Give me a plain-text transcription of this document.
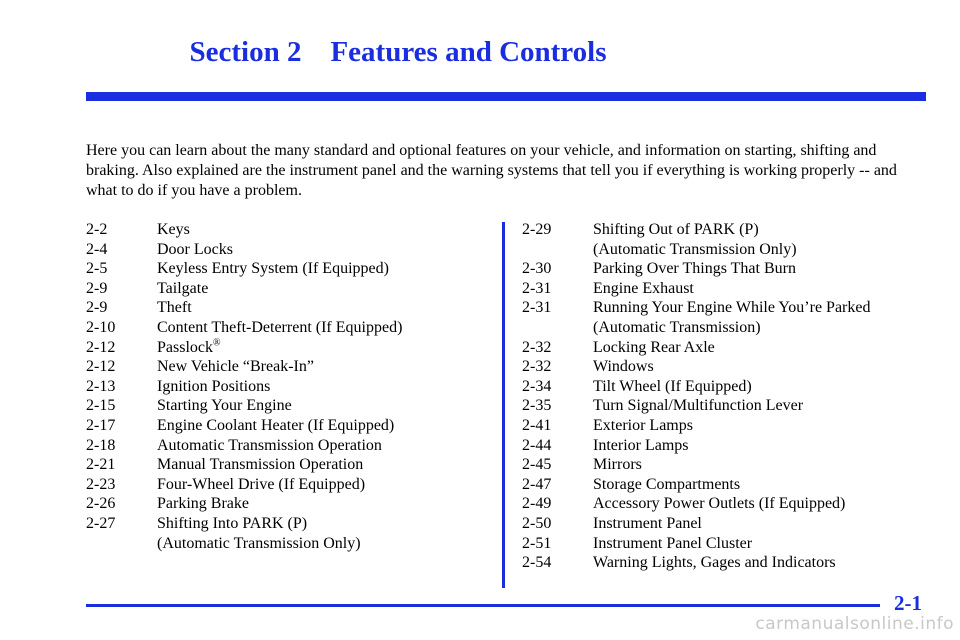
Section 2    Features and Controls
Here you can learn about the many standard and optional features on your vehicle, and information on starting, shifting and braking. Also explained are the instrument panel and the warning systems that tell you if everything is working properly -- and what to do if you have a problem.
2-2	Keys
2-4	Door Locks
2-5	Keyless Entry System (If Equipped)
2-9	Tailgate
2-9	Theft
2-10	Content Theft-Deterrent (If Equipped)
2-12	Passlock®
2-12	New Vehicle “Break-In”
2-13	Ignition Positions
2-15	Starting Your Engine
2-17	Engine Coolant Heater (If Equipped)
2-18	Automatic Transmission Operation
2-21	Manual Transmission Operation
2-23	Four-Wheel Drive (If Equipped)
2-26	Parking Brake
2-27	Shifting Into PARK (P)
(Automatic Transmission Only)
2-29	Shifting Out of PARK (P)
(Automatic Transmission Only)
2-30	Parking Over Things That Burn
2-31	Engine Exhaust
2-31	Running Your Engine While You’re Parked
(Automatic Transmission)
2-32	Locking Rear Axle
2-32	Windows
2-34	Tilt Wheel (If Equipped)
2-35	Turn Signal/Multifunction Lever
2-41	Exterior Lamps
2-44	Interior Lamps
2-45	Mirrors
2-47	Storage Compartments
2-49	Accessory Power Outlets (If Equipped)
2-50	Instrument Panel
2-51	Instrument Panel Cluster
2-54	Warning Lights, Gages and Indicators
2-1
carmanualsonline.info
